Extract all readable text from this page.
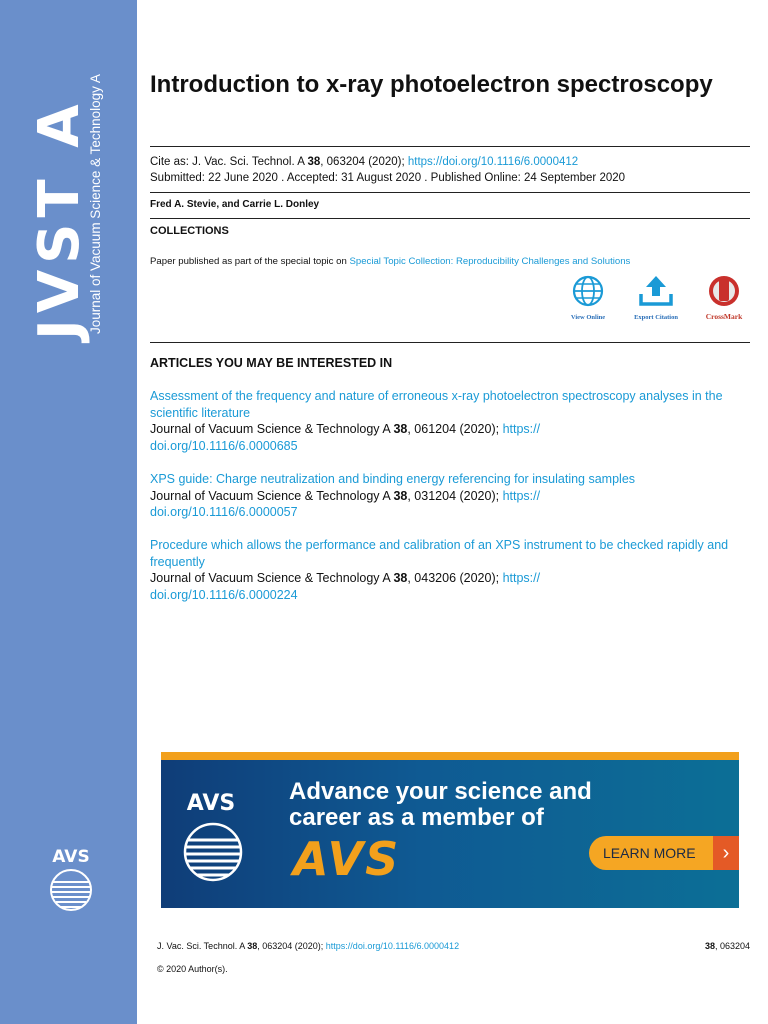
JVST A
Journal of Vacuum Science & Technology A
AVS
Introduction to x-ray photoelectron spectroscopy
Cite as: J. Vac. Sci. Technol. A 38, 063204 (2020); https://doi.org/10.1116/6.0000412
Submitted: 22 June 2020 . Accepted: 31 August 2020 . Published Online: 24 September 2020
Fred A. Stevie, and Carrie L. Donley
COLLECTIONS
Paper published as part of the special topic on Special Topic Collection: Reproducibility Challenges and Solutions
View Online	Export Citation	CrossMark
ARTICLES YOU MAY BE INTERESTED IN
Assessment of the frequency and nature of erroneous x-ray photoelectron spectroscopy analyses in the scientific literature
Journal of Vacuum Science & Technology A 38, 061204 (2020); https://
doi.org/10.1116/6.0000685
XPS guide: Charge neutralization and binding energy referencing for insulating samples
Journal of Vacuum Science & Technology A 38, 031204 (2020); https://
doi.org/10.1116/6.0000057
Procedure which allows the performance and calibration of an XPS instrument to be checked rapidly and frequently
Journal of Vacuum Science & Technology A 38, 043206 (2020); https://
doi.org/10.1116/6.0000224
AVS Advance your science and
career as a member of
AVS	LEARN MORE	›
J. Vac. Sci. Technol. A 38, 063204 (2020); https://doi.org/10.1116/6.0000412	38, 063204
© 2020 Author(s).
